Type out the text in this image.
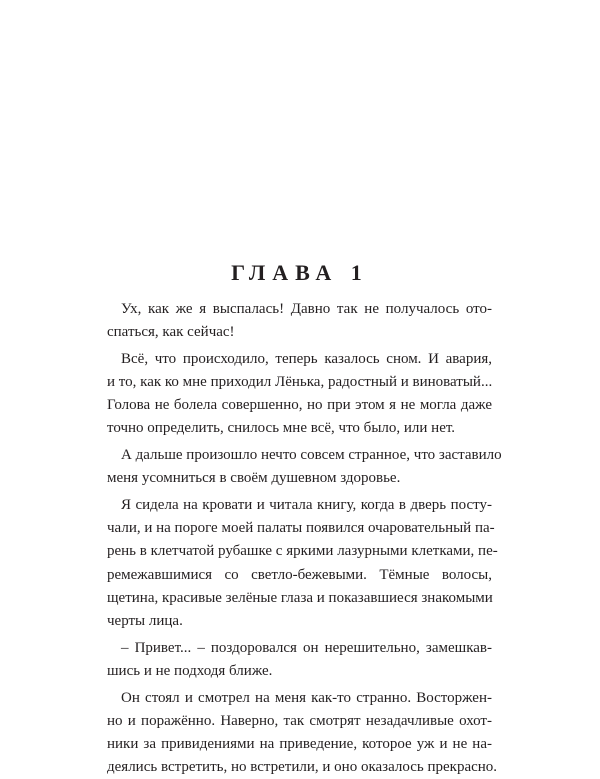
ГЛАВА 1
Ух, как же я выспалась! Давно так не получалось ото-
спаться, как сейчас!
Всё, что происходило, теперь казалось сном. И авария,
и то, как ко мне приходил Лёнька, радостный и виноватый...
Голова не болела совершенно, но при этом я не могла даже
точно определить, снилось мне всё, что было, или нет.
А дальше произошло нечто совсем странное, что заставило
меня усомниться в своём душевном здоровье.
Я сидела на кровати и читала книгу, когда в дверь посту-
чали, и на пороге моей палаты появился очаровательный па-
рень в клетчатой рубашке с яркими лазурными клетками, пе-
ремежавшимися со светло-бежевыми. Тёмные волосы,
щетина, красивые зелёные глаза и показавшиеся знакомыми
черты лица.
– Привет... – поздоровался он нерешительно, замешкав-
шись и не подходя ближе.
Он стоял и смотрел на меня как-то странно. Восторжен-
но и поражённо. Наверно, так смотрят незадачливые охот-
ники за привидениями на приведение, которое уж и не на-
деялись встретить, но встретили, и оно оказалось прекрасно.
